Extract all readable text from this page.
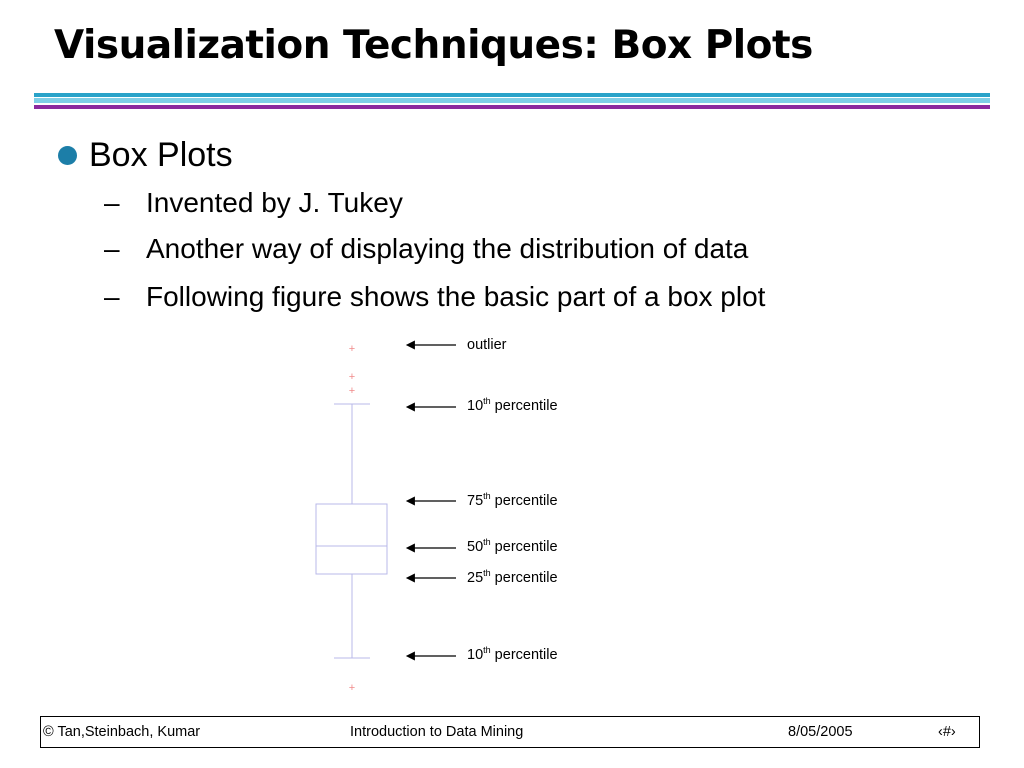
Visualization Techniques: Box Plots
Box Plots
– Invented by J. Tukey
– Another way of displaying the distribution of data
– Following figure shows the basic part of a box plot
+
+
+
+
outlier
10th percentile
75th percentile
50th percentile
25th percentile
10th percentile
© Tan,Steinbach, Kumar	Introduction to Data Mining	8/05/2005	‹#›
